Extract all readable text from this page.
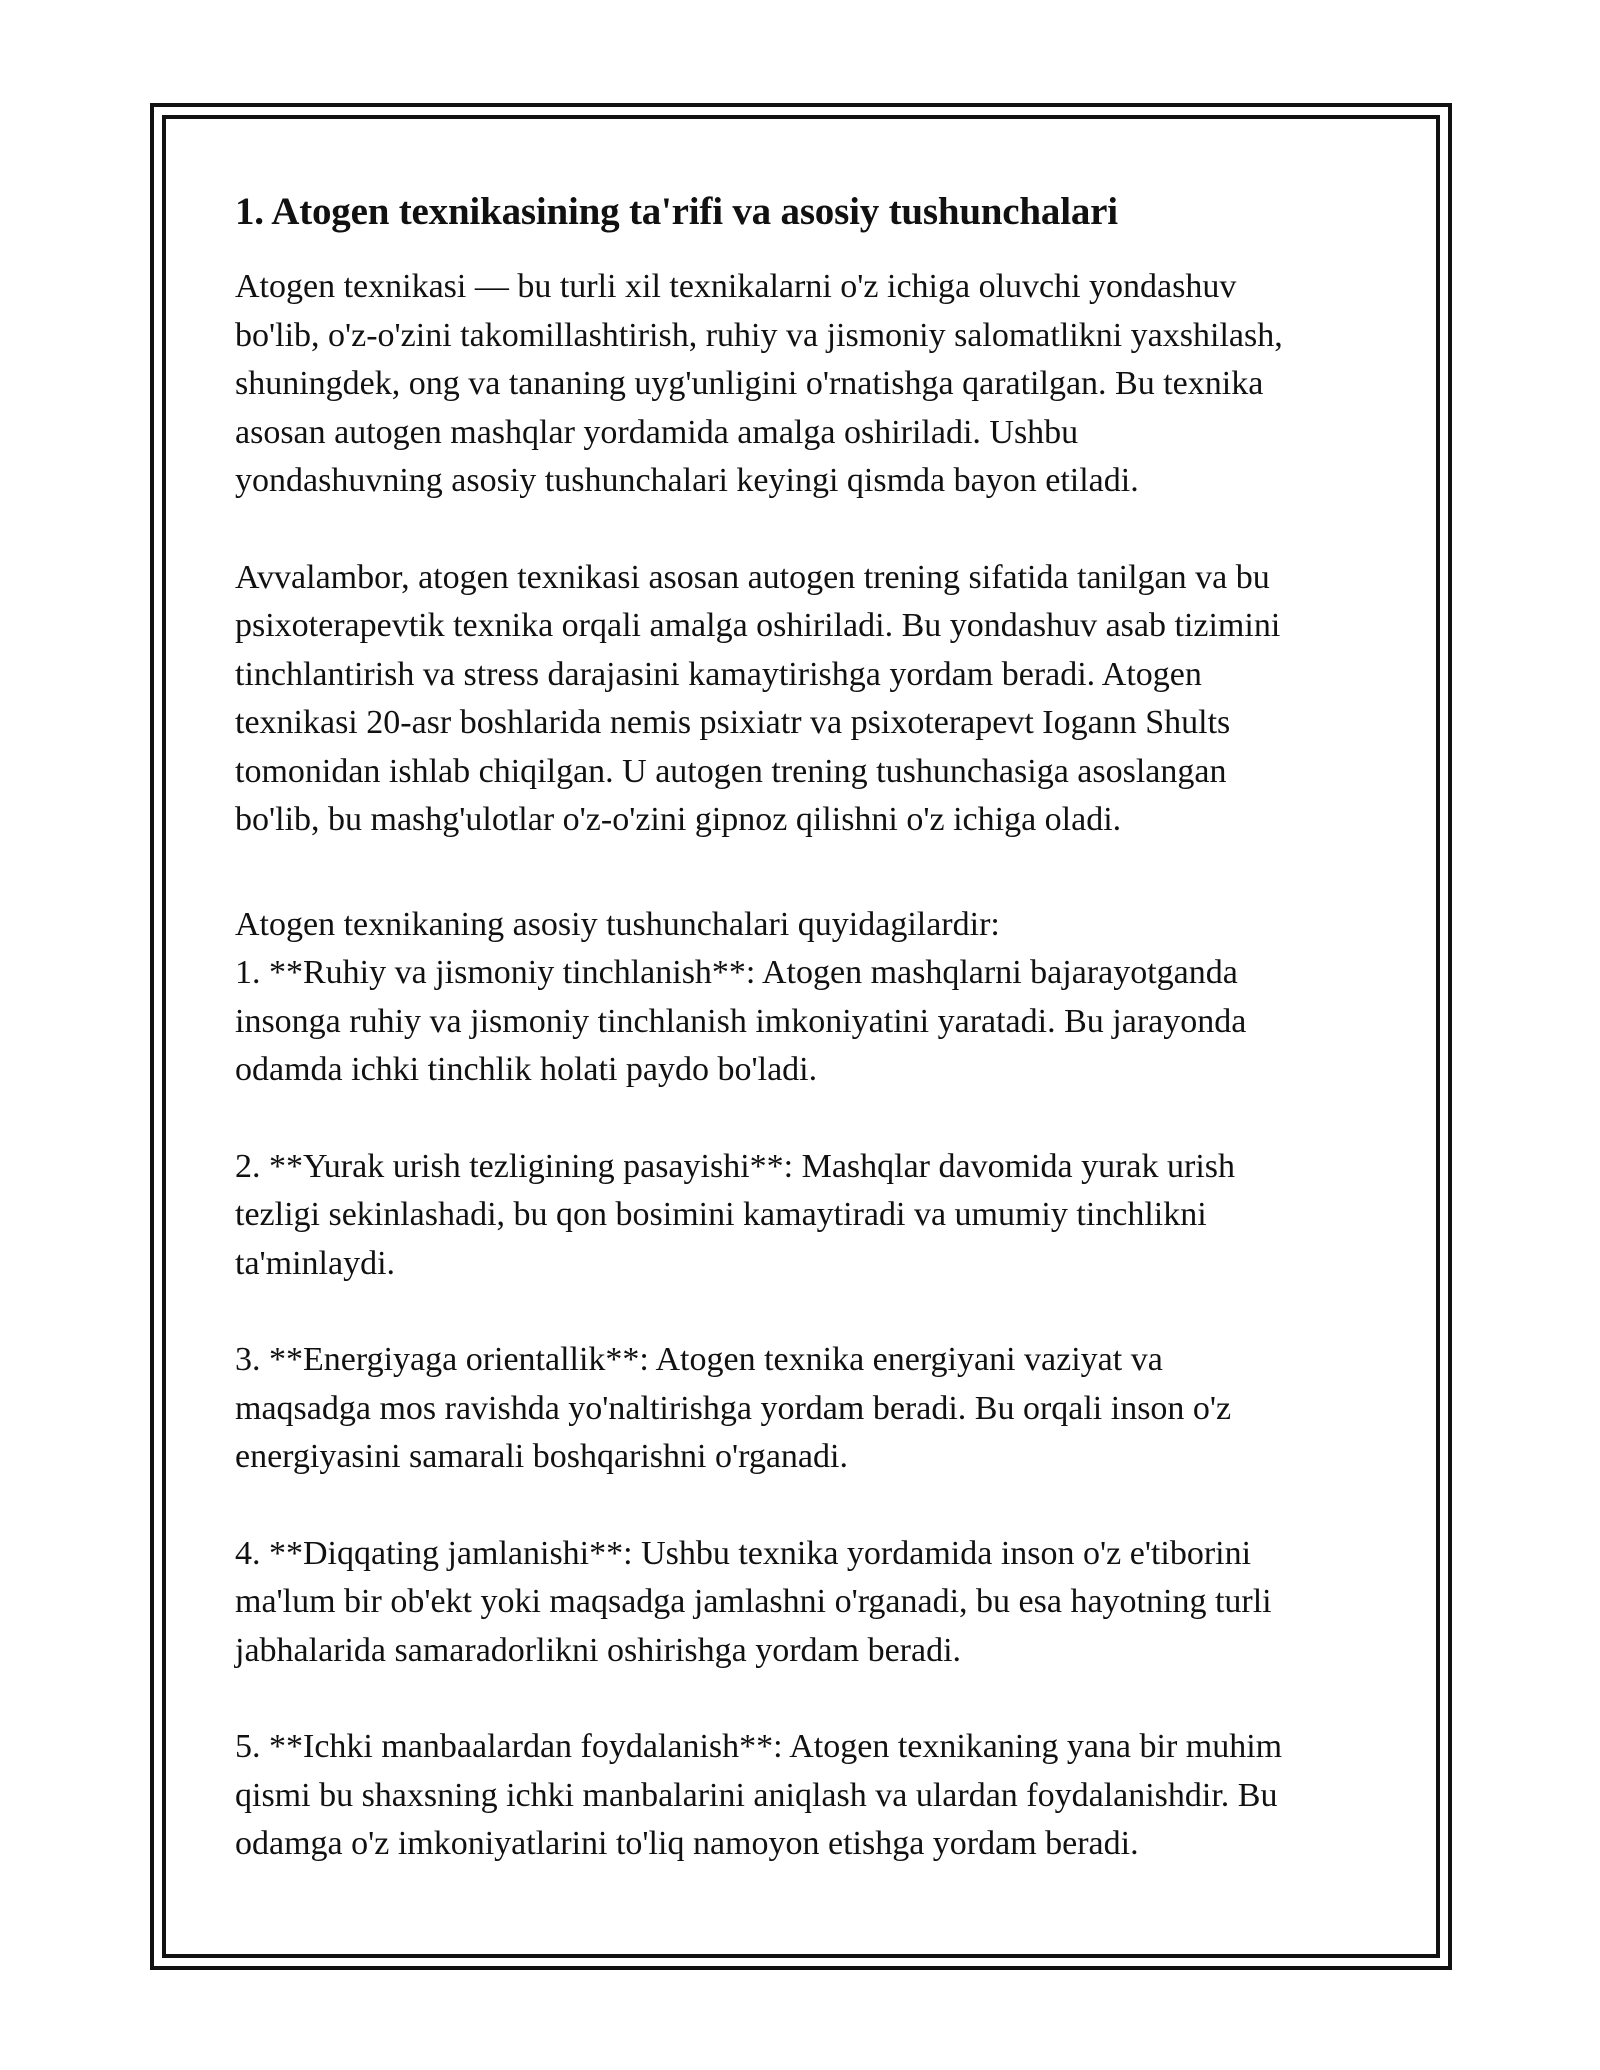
1. Atogen texnikasining ta'rifi va asosiy tushunchalari
Atogen texnikasi — bu turli xil texnikalarni o'z ichiga oluvchi yondashuv
bo'lib, o'z-o'zini takomillashtirish, ruhiy va jismoniy salomatlikni yaxshilash,
shuningdek, ong va tananing uyg'unligini o'rnatishga qaratilgan. Bu texnika
asosan autogen mashqlar yordamida amalga oshiriladi. Ushbu
yondashuvning asosiy tushunchalari keyingi qismda bayon etiladi.
Avvalambor, atogen texnikasi asosan autogen trening sifatida tanilgan va bu
psixoterapevtik texnika orqali amalga oshiriladi. Bu yondashuv asab tizimini
tinchlantirish va stress darajasini kamaytirishga yordam beradi. Atogen
texnikasi 20-asr boshlarida nemis psixiatr va psixoterapevt Iogann Shults
tomonidan ishlab chiqilgan. U autogen trening tushunchasiga asoslangan
bo'lib, bu mashg'ulotlar o'z-o'zini gipnoz qilishni o'z ichiga oladi.
Atogen texnikaning asosiy tushunchalari quyidagilardir:
1. **Ruhiy va jismoniy tinchlanish**: Atogen mashqlarni bajarayotganda
insonga ruhiy va jismoniy tinchlanish imkoniyatini yaratadi. Bu jarayonda
odamda ichki tinchlik holati paydo bo'ladi.
2. **Yurak urish tezligining pasayishi**: Mashqlar davomida yurak urish
tezligi sekinlashadi, bu qon bosimini kamaytiradi va umumiy tinchlikni
ta'minlaydi.
3. **Energiyaga orientallik**: Atogen texnika energiyani vaziyat va
maqsadga mos ravishda yo'naltirishga yordam beradi. Bu orqali inson o'z
energiyasini samarali boshqarishni o'rganadi.
4. **Diqqating jamlanishi**: Ushbu texnika yordamida inson o'z e'tiborini
ma'lum bir ob'ekt yoki maqsadga jamlashni o'rganadi, bu esa hayotning turli
jabhalarida samaradorlikni oshirishga yordam beradi.
5. **Ichki manbaalardan foydalanish**: Atogen texnikaning yana bir muhim
qismi bu shaxsning ichki manbalarini aniqlash va ulardan foydalanishdir. Bu
odamga o'z imkoniyatlarini to'liq namoyon etishga yordam beradi.
